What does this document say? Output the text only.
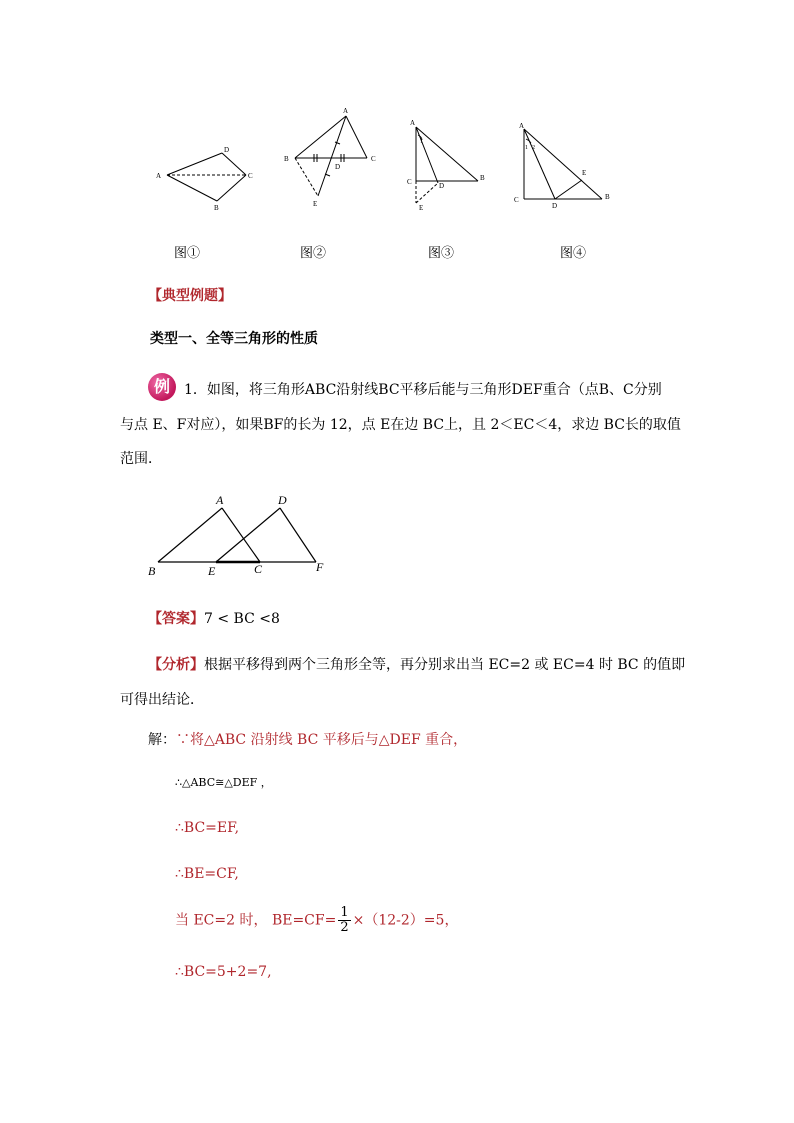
A
D
C
B
A
B	C
D
E
A
1
C	D
B
E
A
1 2
E
B
C
D
图①	图②	图③	图④
【典型例题】
类型一、全等三角形的性质
例	1．如图，将三角形ABC沿射线BC平移后能与三角形DEF重合（点B、C分别
与点 E、F对应），如果BF的长为 12，点 E在边 BC上，且 2＜EC＜4，求边 BC长的取值
范围．
A	D
B	E	C	F
【答案】7 < BC <8
【分析】根据平移得到两个三角形全等，再分别求出当 EC=2 或 EC=4 时 BC 的值即
可得出结论．
解：∵将△ABC 沿射线 BC 平移后与△DEF 重合，
∴△ABC≅△DEF ，
∴BC=EF,
∴BE=CF,
当 EC=2 时， $BE=CF= \frac{1}{2} \times(12-2)=5$，
∴BC=5+2=7,
